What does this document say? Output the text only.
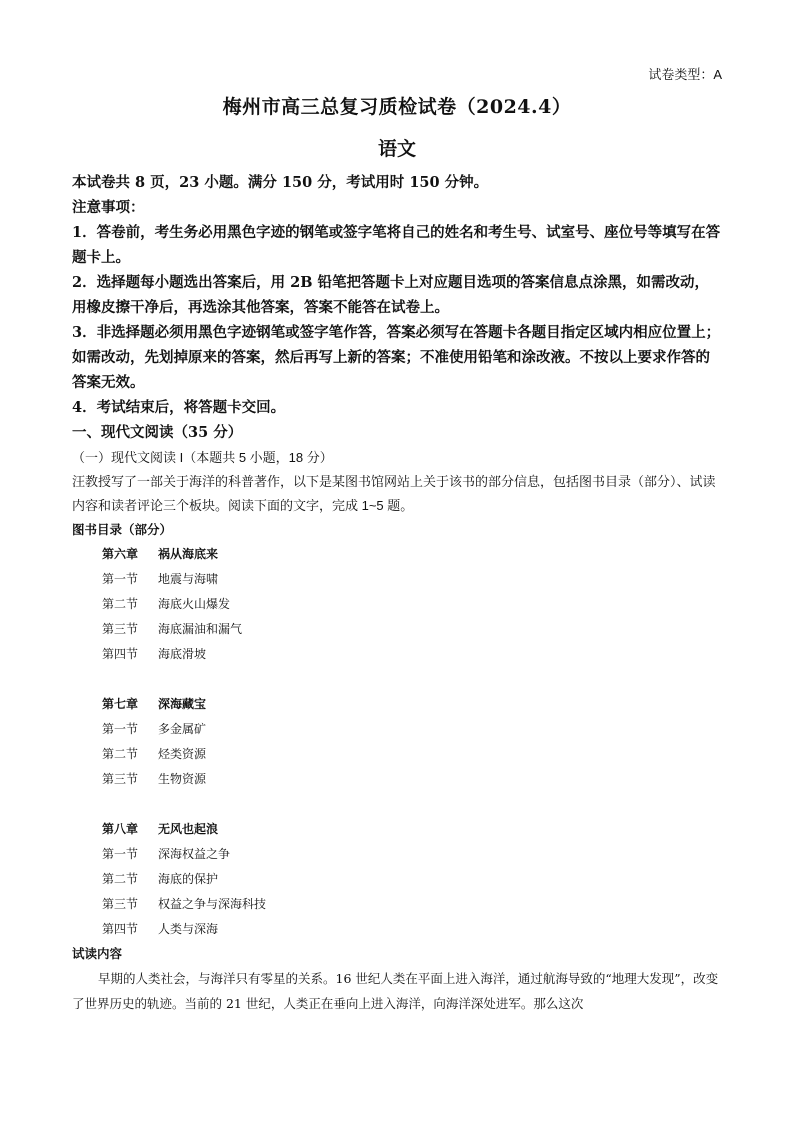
试卷类型：A
梅州市高三总复习质检试卷（2024.4）
语文

本试卷共 8 页，23 小题。满分 150 分，考试用时 150 分钟。

注意事项：

1．答卷前，考生务必用黑色字迹的钢笔或签字笔将自己的姓名和考生号、试室号、座位号等填写在答题卡上。

2．选择题每小题选出答案后，用 2B 铅笔把答题卡上对应题目选项的答案信息点涂黑，如需改动，用橡皮擦干净后，再选涂其他答案，答案不能答在试卷上。

3．非选择题必须用黑色字迹钢笔或签字笔作答，答案必须写在答题卡各题目指定区域内相应位置上；如需改动，先划掉原来的答案，然后再写上新的答案；不准使用铅笔和涂改液。不按以上要求作答的答案无效。

4．考试结束后，将答题卡交回。

一、现代文阅读（35 分）

（一）现代文阅读 I（本题共 5 小题，18 分）

汪教授写了一部关于海洋的科普著作，以下是某图书馆网站上关于该书的部分信息，包括图书目录（部分）、试读内容和读者评论三个板块。阅读下面的文字，完成 1~5 题。

图书目录（部分）

第六章	祸从海底来
第一节	地震与海啸
第二节	海底火山爆发
第三节	海底漏油和漏气
第四节	海底滑坡
第七章	深海藏宝
第一节	多金属矿
第二节	烃类资源
第三节	生物资源
第八章	无风也起浪
第一节	深海权益之争
第二节	海底的保护
第三节	权益之争与深海科技
第四节	人类与深海

试读内容

早期的人类社会，与海洋只有零星的关系。16 世纪人类在平面上进入海洋，通过航海导致的“地理大发现”，改变了世界历史的轨迹。当前的 21 世纪，人类正在垂向上进入海洋，向海洋深处进军。那么这次
